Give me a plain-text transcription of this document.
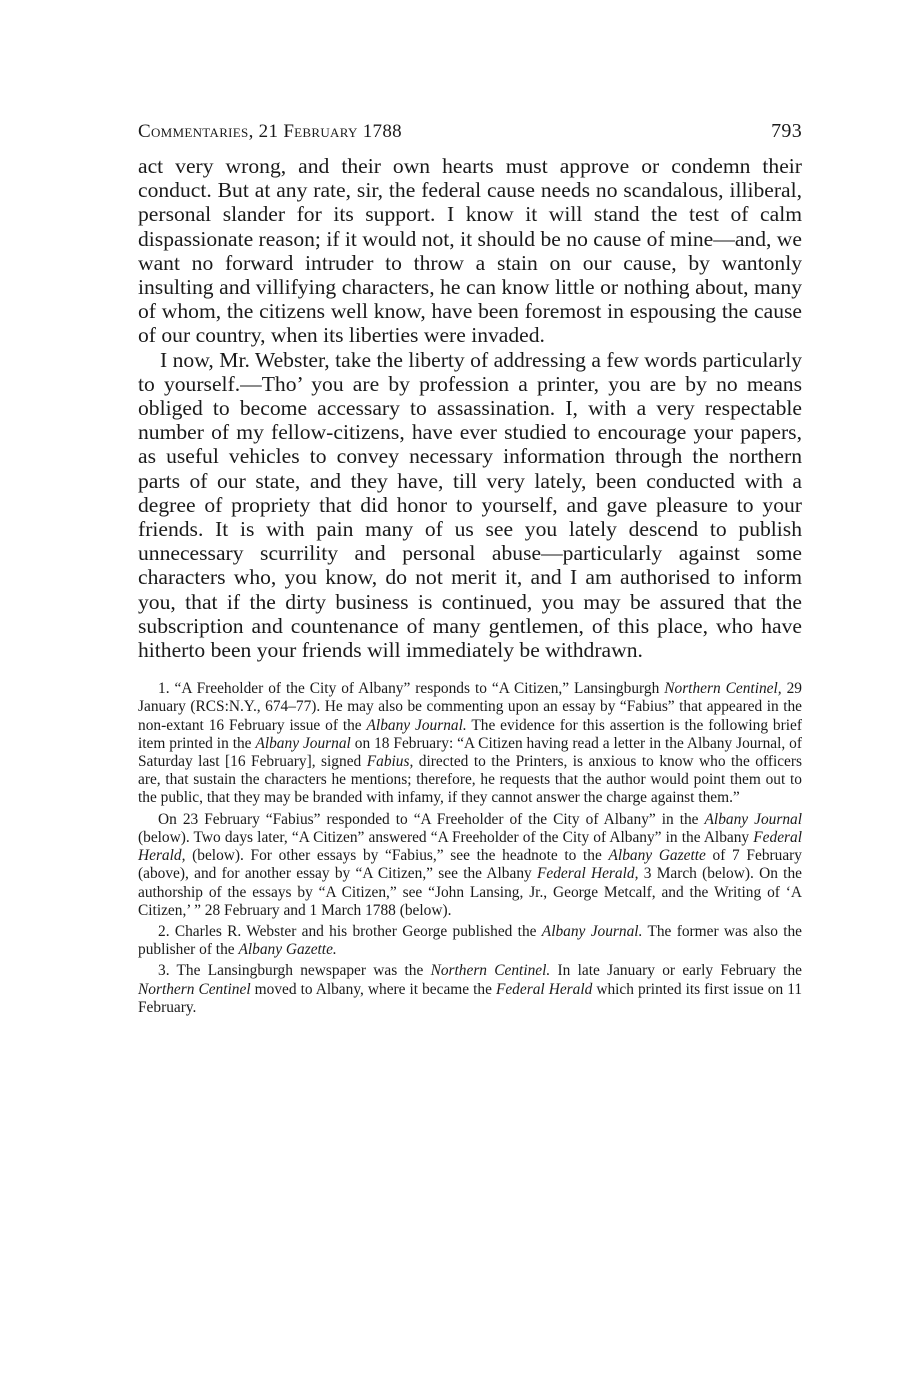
Commentaries, 21 February 1788	793

act very wrong, and their own hearts must approve or condemn their conduct. But at any rate, sir, the federal cause needs no scandalous, illiberal, personal slander for its support. I know it will stand the test of calm dispassionate reason; if it would not, it should be no cause of mine—and, we want no forward intruder to throw a stain on our cause, by wantonly insulting and villifying characters, he can know little or nothing about, many of whom, the citizens well know, have been foremost in espousing the cause of our country, when its liberties were invaded.

I now, Mr. Webster, take the liberty of addressing a few words particularly to yourself.—Tho’ you are by profession a printer, you are by no means obliged to become accessary to assassination. I, with a very respectable number of my fellow-citizens, have ever studied to encourage your papers, as useful vehicles to convey necessary information through the northern parts of our state, and they have, till very lately, been conducted with a degree of propriety that did honor to yourself, and gave pleasure to your friends. It is with pain many of us see you lately descend to publish unnecessary scurrility and personal abuse—particularly against some characters who, you know, do not merit it, and I am authorised to inform you, that if the dirty business is continued, you may be assured that the subscription and countenance of many gentlemen, of this place, who have hitherto been your friends will immediately be withdrawn.

1. “A Freeholder of the City of Albany” responds to “A Citizen,” Lansingburgh Northern Centinel, 29 January (RCS:N.Y., 674–77). He may also be commenting upon an essay by “Fabius” that appeared in the non-extant 16 February issue of the Albany Journal. The evidence for this assertion is the following brief item printed in the Albany Journal on 18 February: “A Citizen having read a letter in the Albany Journal, of Saturday last [16 February], signed Fabius, directed to the Printers, is anxious to know who the officers are, that sustain the characters he mentions; therefore, he requests that the author would point them out to the public, that they may be branded with infamy, if they cannot answer the charge against them.”

On 23 February “Fabius” responded to “A Freeholder of the City of Albany” in the Albany Journal (below). Two days later, “A Citizen” answered “A Freeholder of the City of Albany” in the Albany Federal Herald, (below). For other essays by “Fabius,” see the headnote to the Albany Gazette of 7 February (above), and for another essay by “A Citizen,” see the Albany Federal Herald, 3 March (below). On the authorship of the essays by “A Citizen,” see “John Lansing, Jr., George Metcalf, and the Writing of ‘A Citizen,’ ” 28 February and 1 March 1788 (below).

2. Charles R. Webster and his brother George published the Albany Journal. The former was also the publisher of the Albany Gazette.

3. The Lansingburgh newspaper was the Northern Centinel. In late January or early February the Northern Centinel moved to Albany, where it became the Federal Herald which printed its first issue on 11 February.
